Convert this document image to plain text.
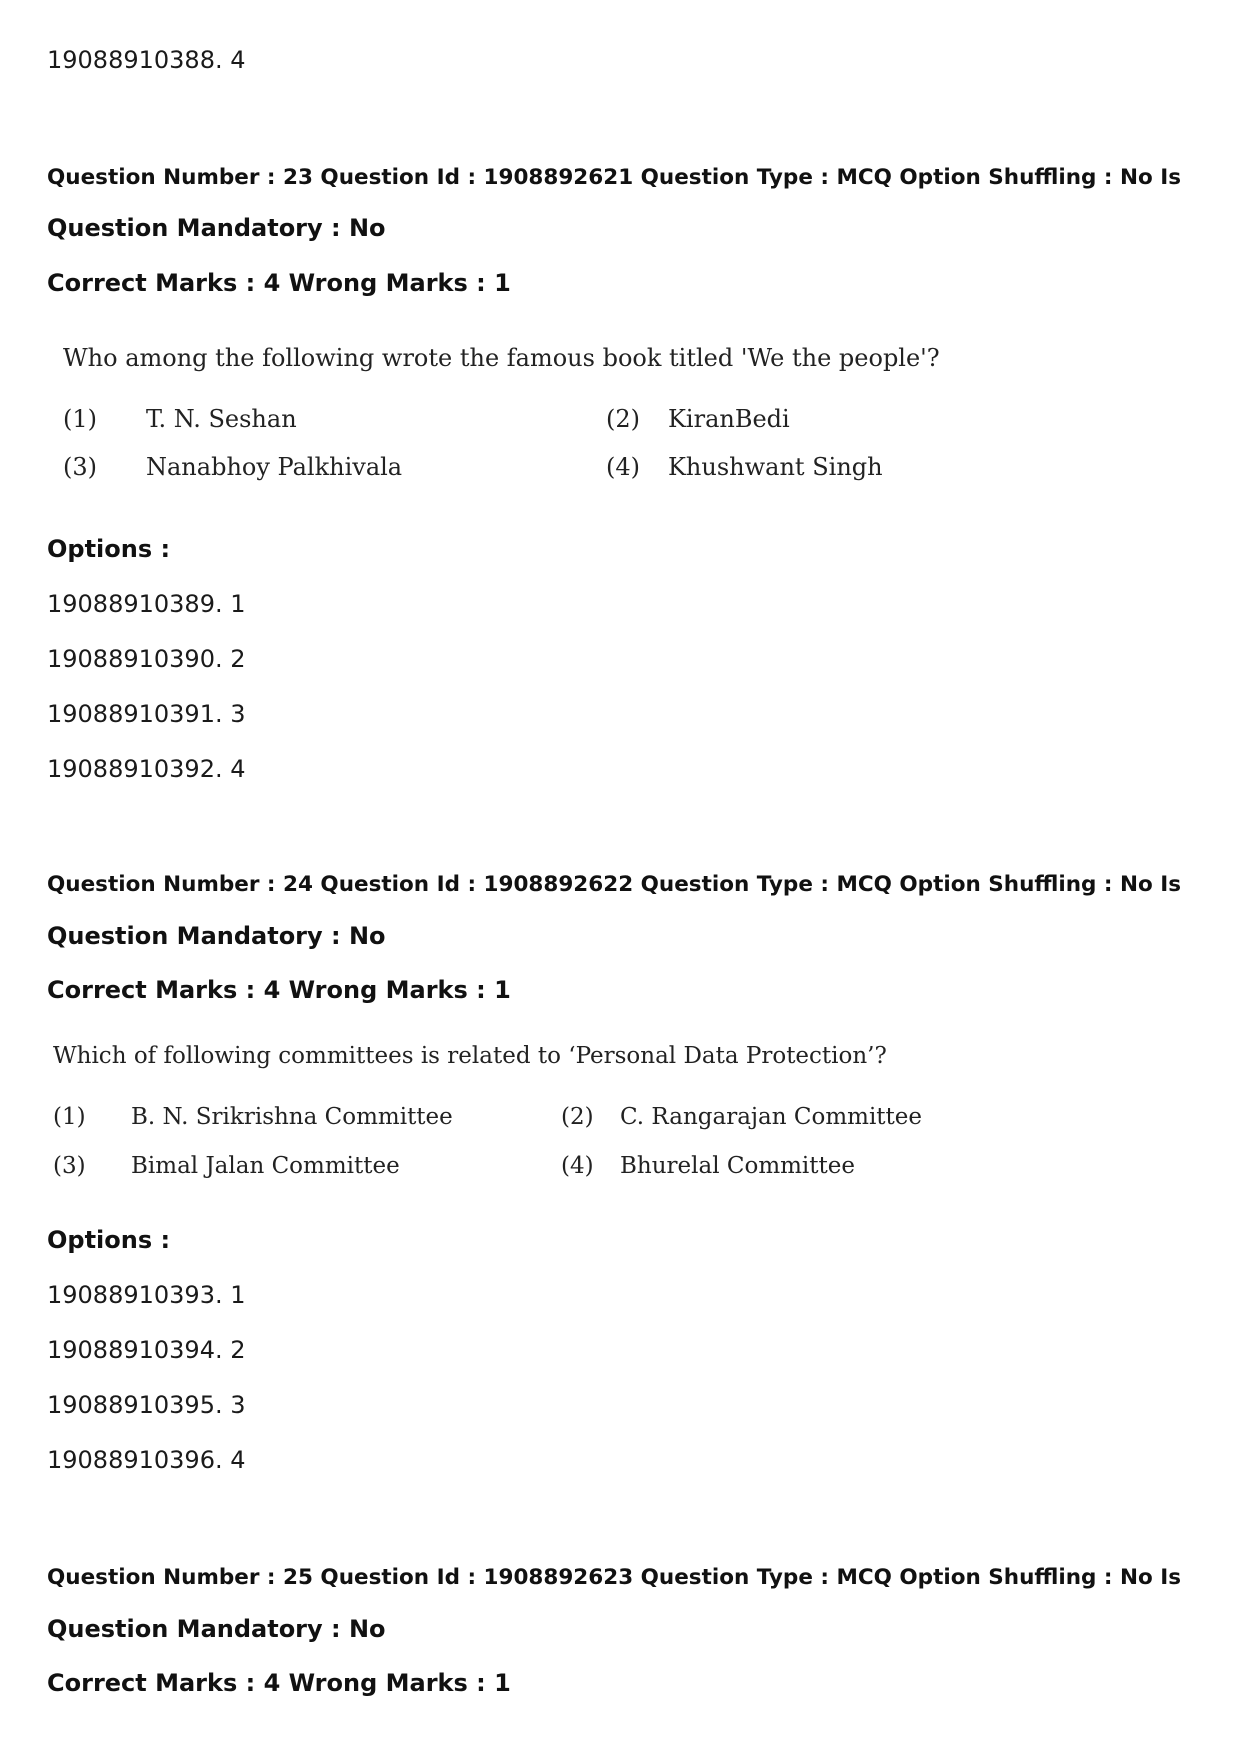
19088910388. 4
Question Number : 23 Question Id : 1908892621 Question Type : MCQ Option Shuffling : No Is
Question Mandatory : No
Correct Marks : 4 Wrong Marks : 1
Who among the following wrote the famous book titled 'We the people'?
(1) T. N. Seshan	(2) KiranBedi
(3) Nanabhoy Palkhivala	(4) Khushwant Singh
Options :
19088910389. 1
19088910390. 2
19088910391. 3
19088910392. 4
Question Number : 24 Question Id : 1908892622 Question Type : MCQ Option Shuffling : No Is
Question Mandatory : No
Correct Marks : 4 Wrong Marks : 1
Which of following committees is related to ‘Personal Data Protection’?
(1) B. N. Srikrishna Committee	(2) C. Rangarajan Committee
(3) Bimal Jalan Committee	(4) Bhurelal Committee
Options :
19088910393. 1
19088910394. 2
19088910395. 3
19088910396. 4
Question Number : 25 Question Id : 1908892623 Question Type : MCQ Option Shuffling : No Is
Question Mandatory : No
Correct Marks : 4 Wrong Marks : 1
